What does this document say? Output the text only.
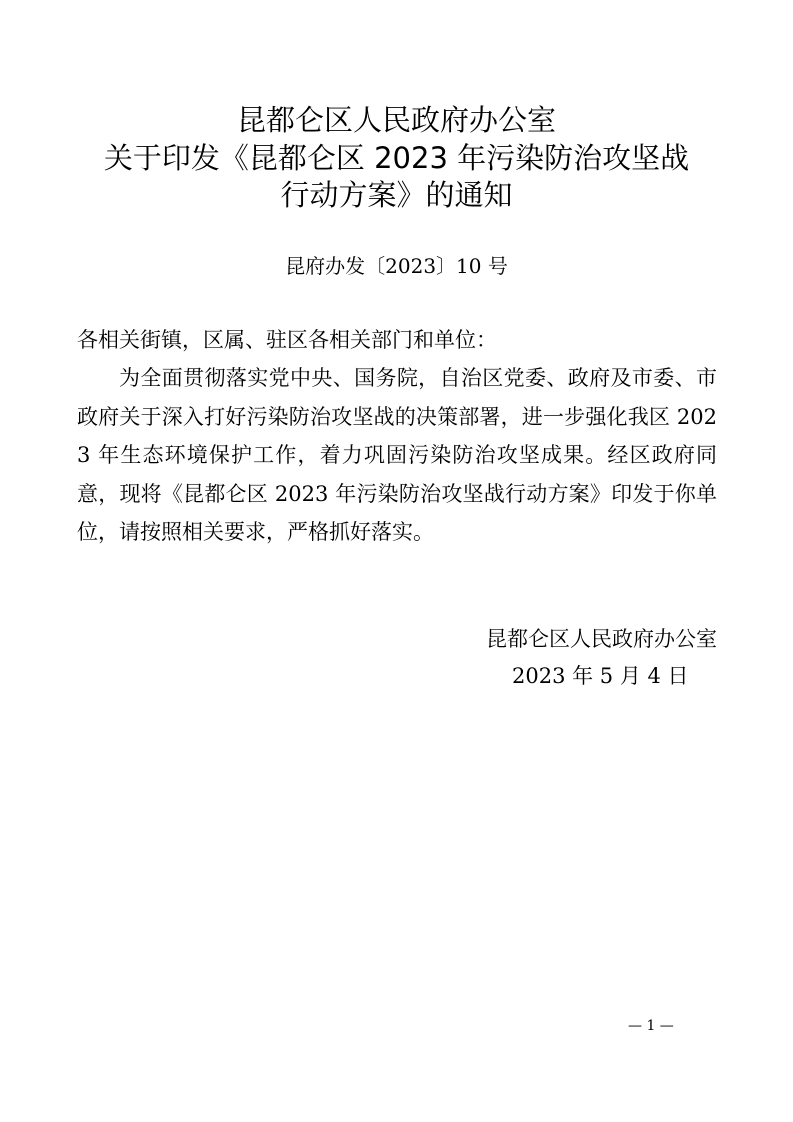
昆都仑区人民政府办公室
关于印发《昆都仑区 2023 年污染防治攻坚战
行动方案》的通知
昆府办发〔2023〕10 号
各相关街镇，区属、驻区各相关部门和单位：

为全面贯彻落实党中央、国务院，自治区党委、政府及市委、市政府关于深入打好污染防治攻坚战的决策部署，进一步强化我区 2023 年生态环境保护工作，着力巩固污染防治攻坚成果。经区政府同意，现将《昆都仑区 2023 年污染防治攻坚战行动方案》印发于你单位，请按照相关要求，严格抓好落实。

昆都仑区人民政府办公室
2023 年 5 月 4 日
— 1 —
